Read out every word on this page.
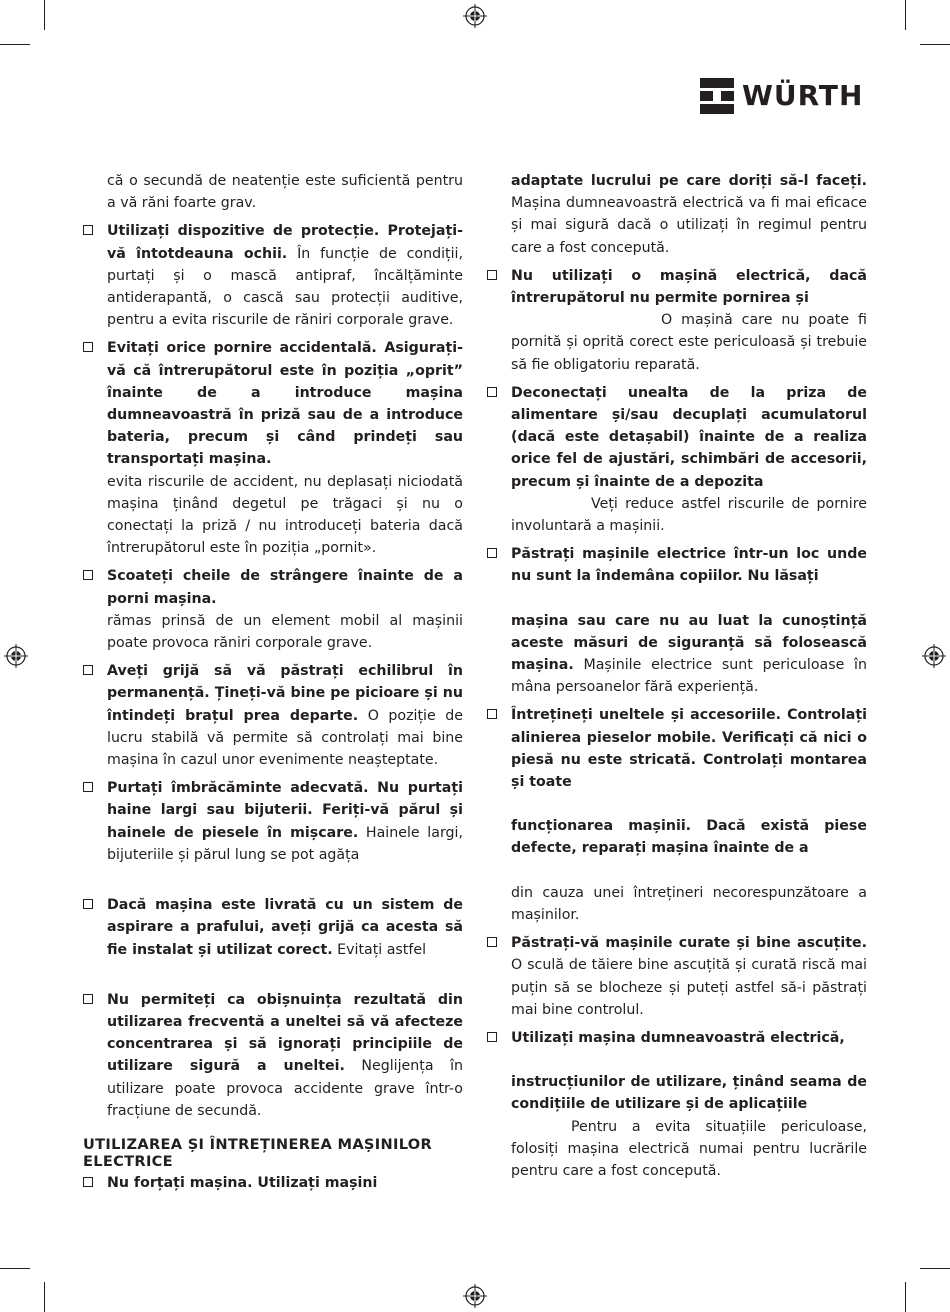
WÜRTH

că o secundă de neatenție este suficientă pentru a vă răni foarte grav.

Utilizați dispozitive de protecție. Protejați-vă întotdeauna ochii. În funcție de condiții, purtați și o mască antipraf, încălțăminte antiderapantă, o cască sau protecții auditive, pentru a evita riscurile de răniri corporale grave.

Evitați orice pornire accidentală. Asigurați-vă că întrerupătorul este în poziția „oprit” înainte de a introduce mașina dumneavoastră în priză sau de a introduce bateria, precum și când prindeți sau transportați mașina.
evita riscurile de accident, nu deplasați niciodată mașina ținând degetul pe trăgaci și nu o conectați la priză / nu introduceți bateria dacă întrerupătorul este în poziția „pornit».

Scoateți cheile de strângere înainte de a porni mașina.
rămas prinsă de un element mobil al mașinii poate provoca răniri corporale grave.

Aveți grijă să vă păstrați echilibrul în permanență. Țineți-vă bine pe picioare și nu întindeți brațul prea departe. O poziție de lucru stabilă vă permite să controlați mai bine mașina în cazul unor evenimente neașteptate.

Purtați îmbrăcăminte adecvată. Nu purtați haine largi sau bijuterii. Feriți-vă părul și hainele de piesele în mișcare. Hainele largi, bijuteriile și părul lung se pot agăța

Dacă mașina este livrată cu un sistem de aspirare a prafului, aveți grijă ca acesta să fie instalat și utilizat corect. Evitați astfel

Nu permiteți ca obișnuința rezultată din utilizarea frecventă a uneltei să vă afecteze concentrarea și să ignorați principiile de utilizare sigură a uneltei. Neglijența în utilizare poate provoca accidente grave într-o fracțiune de secundă.

UTILIZAREA ȘI ÎNTREȚINEREA MAȘINILOR ELECTRICE

Nu forțați mașina. Utilizați mașini

adaptate lucrului pe care doriți să-l faceți. Mașina dumneavoastră electrică va fi mai eficace și mai sigură dacă o utilizați în regimul pentru care a fost concepută.

Nu utilizați o mașină electrică, dacă întrerupătorul nu permite pornirea și
O mașină care nu poate fi pornită și oprită corect este periculoasă și trebuie să fie obligatoriu reparată.

Deconectați unealta de la priza de alimentare și/sau decuplați acumulatorul (dacă este detașabil) înainte de a realiza orice fel de ajustări, schimbări de accesorii, precum și înainte de a depozita
Veți reduce astfel riscurile de pornire involuntară a mașinii.

Păstrați mașinile electrice într-un loc unde nu sunt la îndemâna copiilor. Nu lăsați
mașina sau care nu au luat la cunoștință aceste măsuri de siguranță să folosească mașina. Mașinile electrice sunt periculoase în mâna persoanelor fără experiență.

Întrețineți uneltele și accesoriile. Controlați alinierea pieselor mobile. Verificați că nici o piesă nu este stricată. Controlați montarea și toate
funcționarea mașinii. Dacă există piese defecte, reparați mașina înainte de a
din cauza unei întrețineri necorespunzătoare a mașinilor.

Păstrați-vă mașinile curate și bine ascuțite. O sculă de tăiere bine ascuțită și curată riscă mai puțin să se blocheze și puteți astfel să-i păstrați mai bine controlul.

Utilizați mașina dumneavoastră electrică,
instrucțiunilor de utilizare, ținând seama de condițiile de utilizare și de aplicațiile
Pentru a evita situațiile periculoase, folosiți mașina electrică numai pentru lucrările pentru care a fost concepută.
